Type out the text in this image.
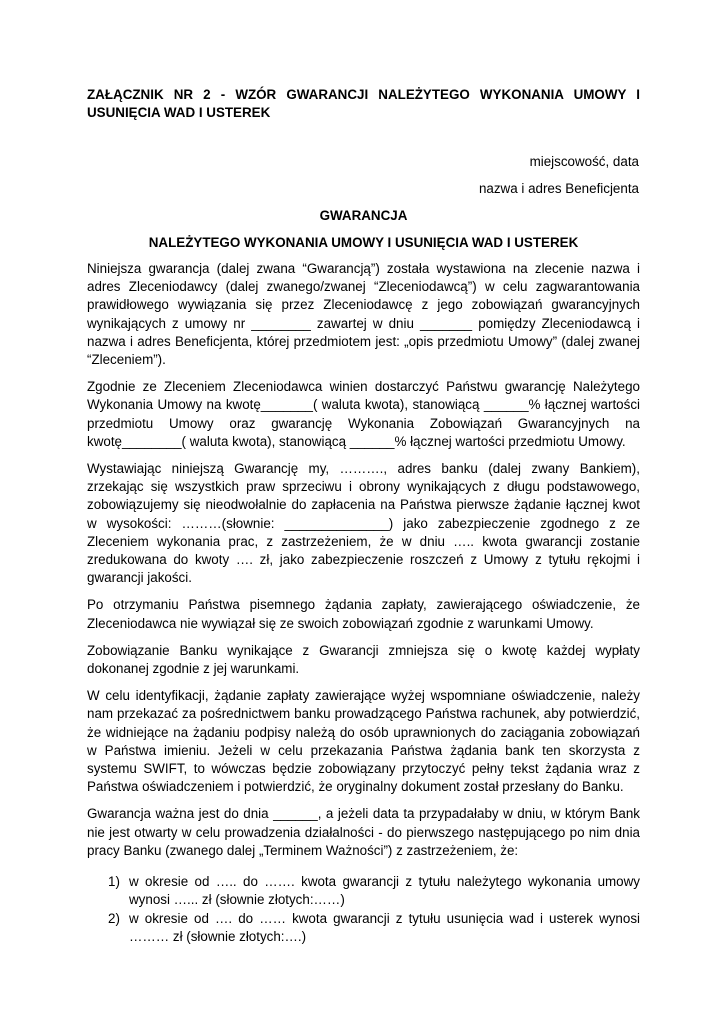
ZAŁĄCZNIK NR 2 - WZÓR GWARANCJI NALEŻYTEGO WYKONANIA UMOWY I USUNIĘCIA WAD I USTEREK
miejscowość, data
nazwa i adres Beneficjenta
GWARANCJA
NALEŻYTEGO WYKONANIA UMOWY I USUNIĘCIA WAD I USTEREK

Niniejsza gwarancja (dalej zwana “Gwarancją”) została wystawiona na zlecenie nazwa i adres Zleceniodawcy (dalej zwanego/zwanej “Zleceniodawcą”) w celu zagwarantowania prawidłowego wywiązania się przez Zleceniodawcę z jego zobowiązań gwarancyjnych wynikających z umowy nr ________ zawartej w dniu _______ pomiędzy Zleceniodawcą i nazwa i adres Beneficjenta, której przedmiotem jest: „opis przedmiotu Umowy” (dalej zwanej “Zleceniem”).

Zgodnie ze Zleceniem Zleceniodawca winien dostarczyć Państwu gwarancję Należytego Wykonania Umowy na kwotę_______( waluta kwota), stanowiącą ______% łącznej wartości przedmiotu Umowy oraz gwarancję Wykonania Zobowiązań Gwarancyjnych na kwotę________( waluta kwota), stanowiącą ______% łącznej wartości przedmiotu Umowy.

Wystawiając niniejszą Gwarancję my, ………., adres banku (dalej zwany Bankiem), zrzekając się wszystkich praw sprzeciwu i obrony wynikających z długu podstawowego, zobowiązujemy się nieodwołalnie do zapłacenia na Państwa pierwsze żądanie łącznej kwot w wysokości: ………(słownie: ______________) jako zabezpieczenie zgodnego z ze Zleceniem wykonania prac, z zastrzeżeniem, że w dniu ….. kwota gwarancji zostanie zredukowana do kwoty …. zł, jako zabezpieczenie roszczeń z Umowy z tytułu rękojmi i gwarancji jakości.

Po otrzymaniu Państwa pisemnego żądania zapłaty, zawierającego oświadczenie, że Zleceniodawca nie wywiązał się ze swoich zobowiązań zgodnie z warunkami Umowy.

Zobowiązanie Banku wynikające z Gwarancji zmniejsza się o kwotę każdej wypłaty dokonanej zgodnie z jej warunkami.

W celu identyfikacji, żądanie zapłaty zawierające wyżej wspomniane oświadczenie, należy nam przekazać za pośrednictwem banku prowadzącego Państwa rachunek, aby potwierdzić, że widniejące na żądaniu podpisy należą do osób uprawnionych do zaciągania zobowiązań w Państwa imieniu. Jeżeli w celu przekazania Państwa żądania bank ten skorzysta z systemu SWIFT, to wówczas będzie zobowiązany przytoczyć pełny tekst żądania wraz z Państwa oświadczeniem i potwierdzić, że oryginalny dokument został przesłany do Banku.

Gwarancja ważna jest do dnia ______, a jeżeli data ta przypadałaby w dniu, w którym Bank nie jest otwarty w celu prowadzenia działalności - do pierwszego następującego po nim dnia pracy Banku (zwanego dalej „Terminem Ważności”) z zastrzeżeniem, że:

1) w okresie od ….. do ……. kwota gwarancji z tytułu należytego wykonania umowy wynosi …... zł (słownie złotych:……)
2) w okresie od …. do …… kwota gwarancji z tytułu usunięcia wad i usterek wynosi ……… zł (słownie złotych:….)
